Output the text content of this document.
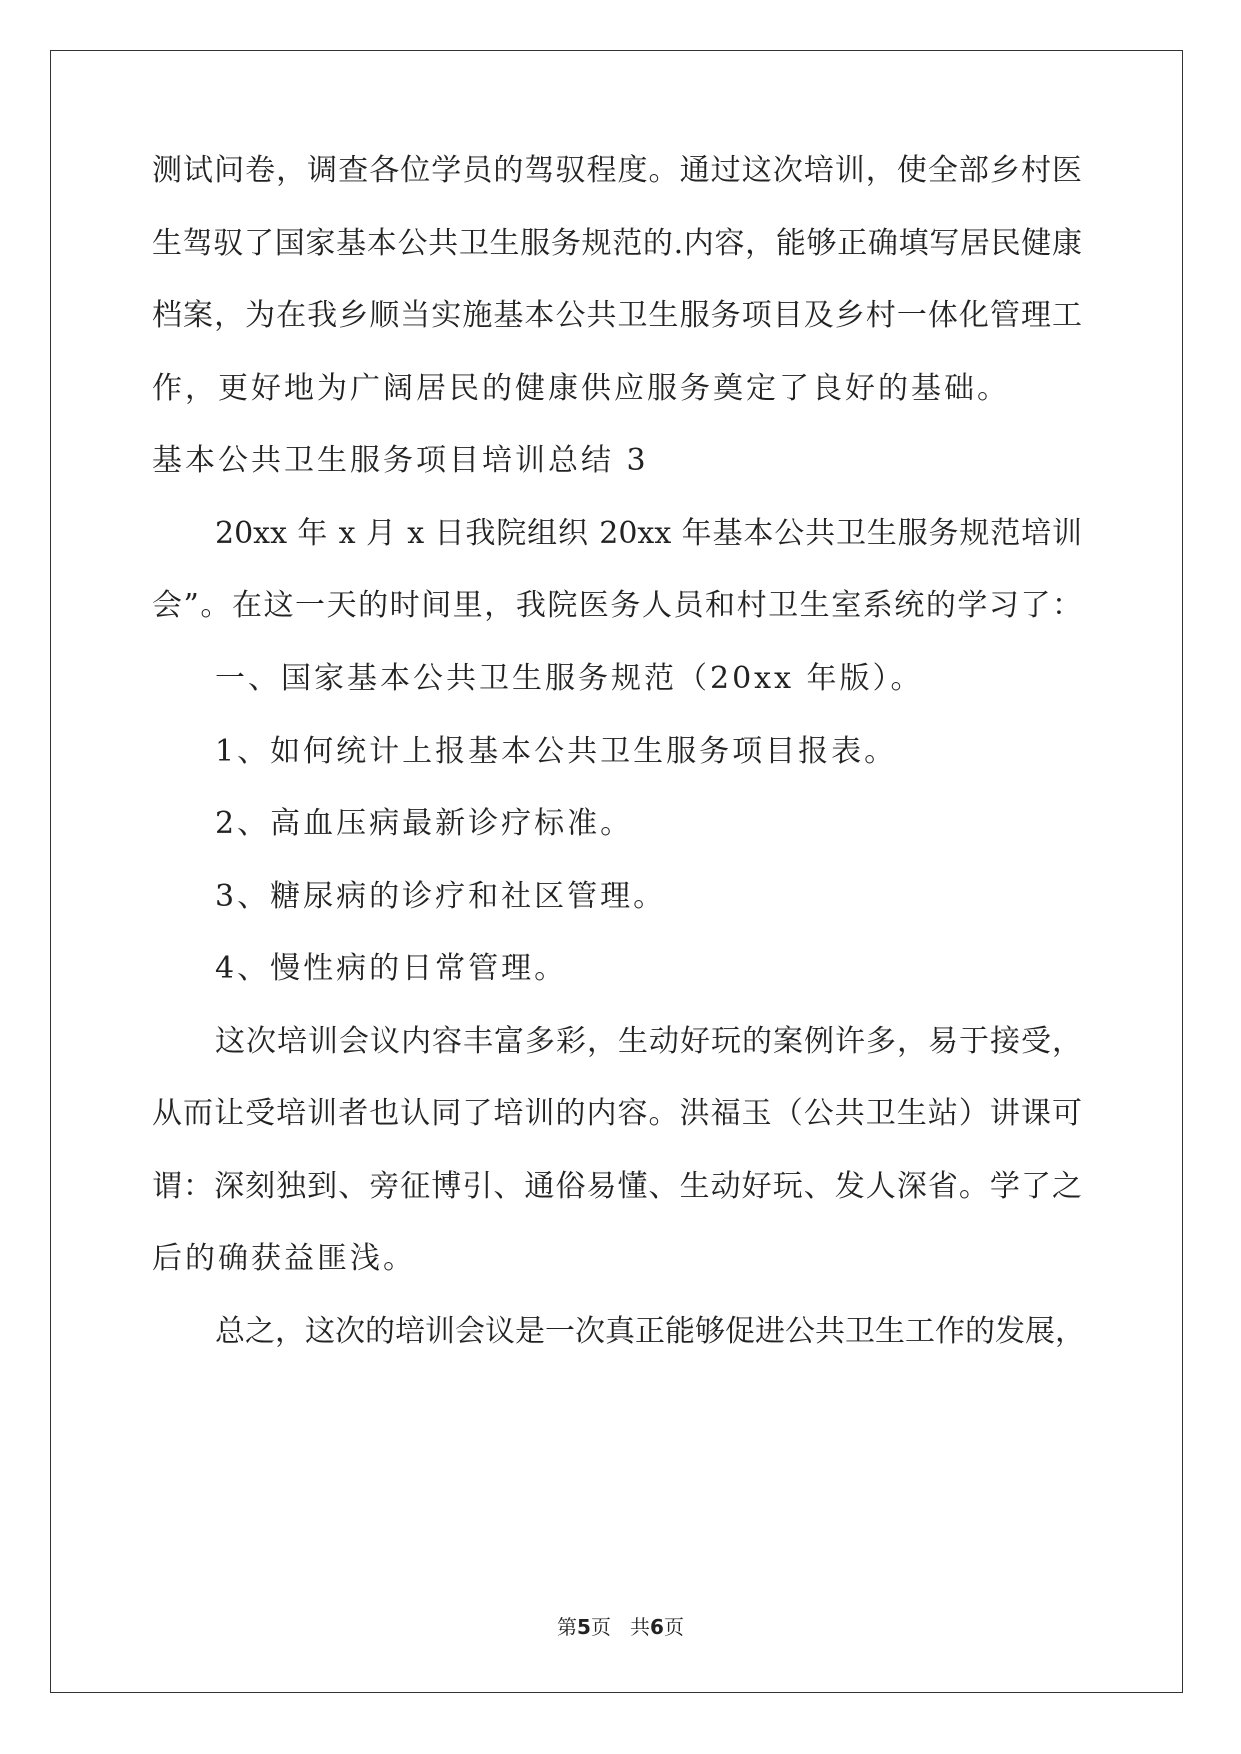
测试问卷，调查各位学员的驾驭程度。通过这次培训，使全部乡村医
生驾驭了国家基本公共卫生服务规范的.内容，能够正确填写居民健康
档案，为在我乡顺当实施基本公共卫生服务项目及乡村一体化管理工
作，更好地为广阔居民的健康供应服务奠定了良好的基础。
基本公共卫生服务项目培训总结 3
20xx 年 x 月 x 日我院组织 20xx 年基本公共卫生服务规范培训
会”。在这一天的时间里，我院医务人员和村卫生室系统的学习了：
一、国家基本公共卫生服务规范（20xx 年版）。
1、如何统计上报基本公共卫生服务项目报表。
2、高血压病最新诊疗标准。
3、糖尿病的诊疗和社区管理。
4、慢性病的日常管理。
这次培训会议内容丰富多彩，生动好玩的案例许多，易于接受，
从而让受培训者也认同了培训的内容。洪福玉（公共卫生站）讲课可
谓：深刻独到、旁征博引、通俗易懂、生动好玩、发人深省。学了之
后的确获益匪浅。
总之，这次的培训会议是一次真正能够促进公共卫生工作的发展，
第5页 共6页
